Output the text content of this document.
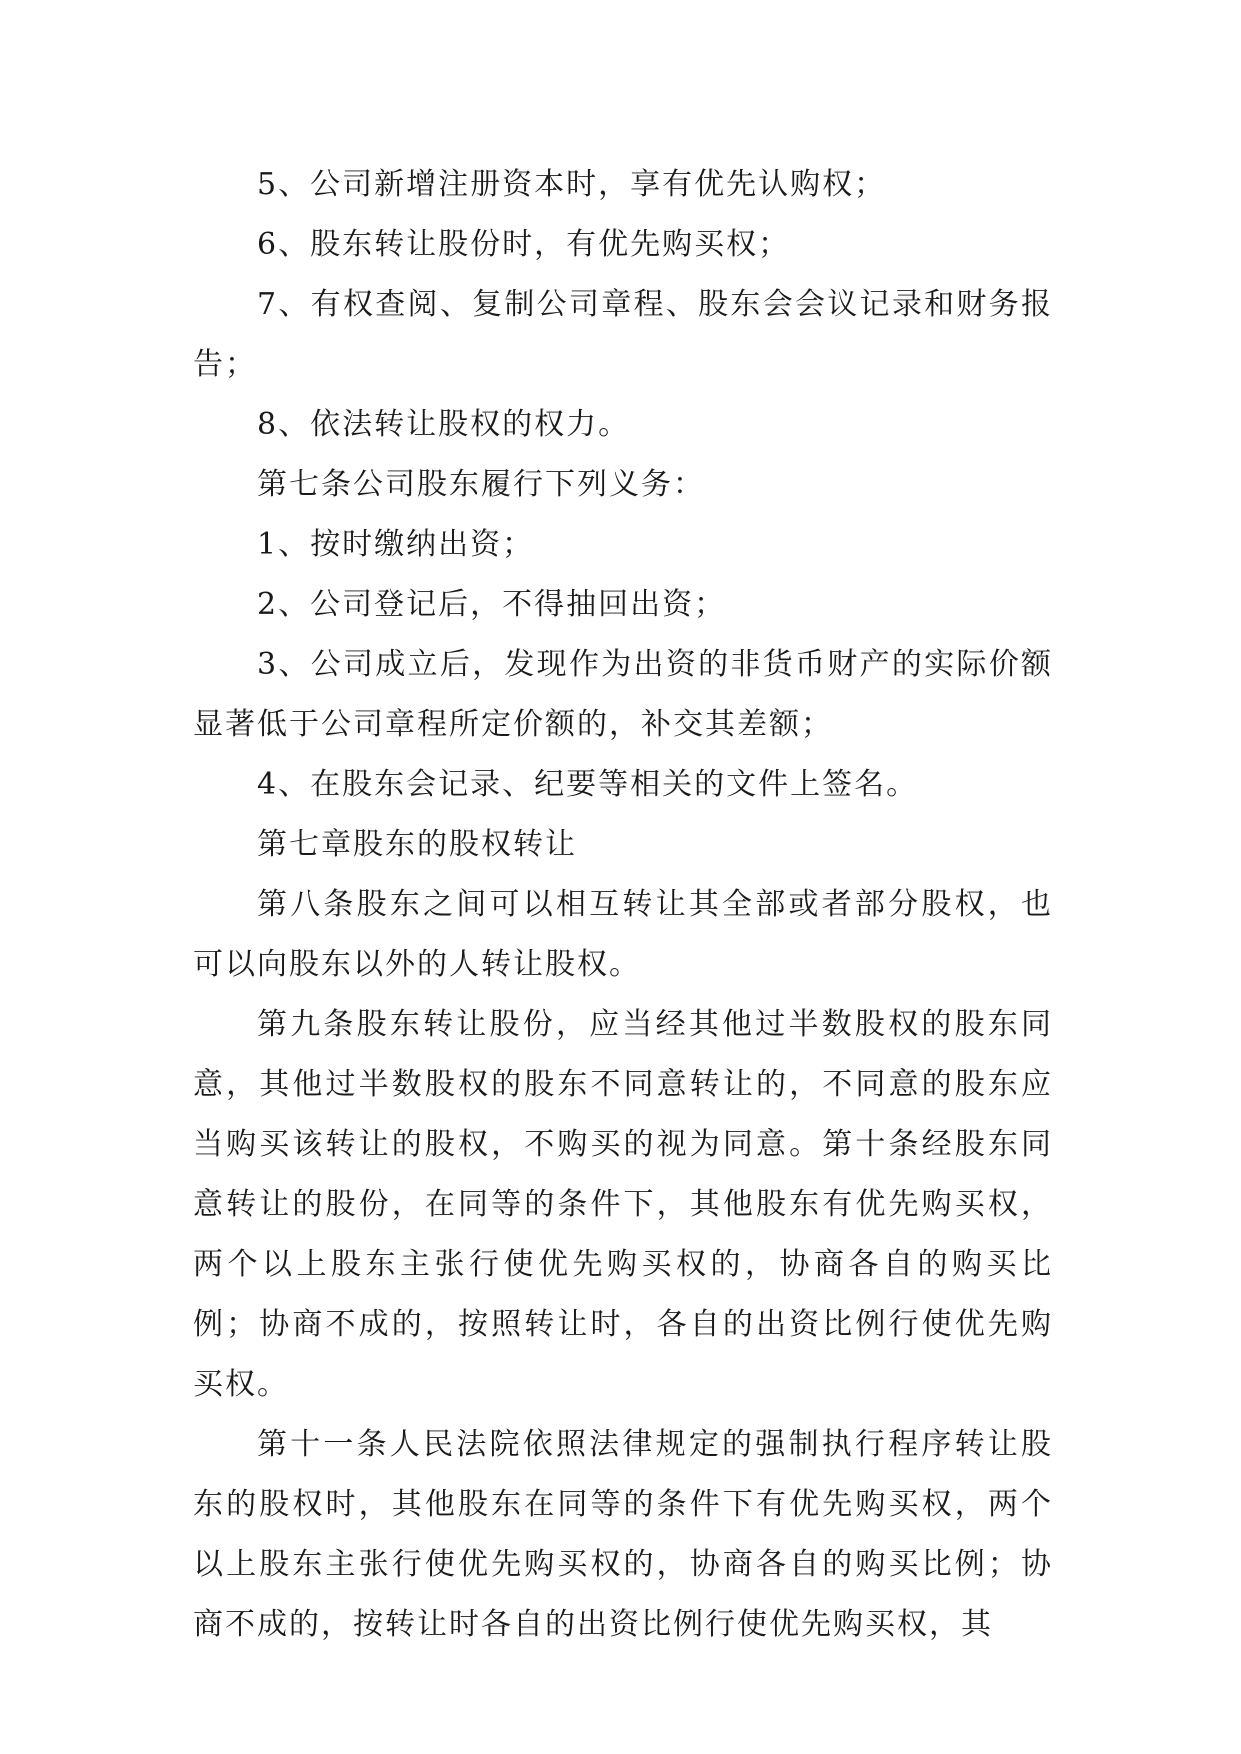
5、公司新增注册资本时，享有优先认购权；

6、股东转让股份时，有优先购买权；

7、有权查阅、复制公司章程、股东会会议记录和财务报告；

8、依法转让股权的权力。

第七条公司股东履行下列义务：

1、按时缴纳出资；

2、公司登记后，不得抽回出资；

3、公司成立后，发现作为出资的非货币财产的实际价额显著低于公司章程所定价额的，补交其差额；

4、在股东会记录、纪要等相关的文件上签名。

第七章股东的股权转让

第八条股东之间可以相互转让其全部或者部分股权，也可以向股东以外的人转让股权。

第九条股东转让股份，应当经其他过半数股权的股东同意，其他过半数股权的股东不同意转让的，不同意的股东应当购买该转让的股权，不购买的视为同意。第十条经股东同意转让的股份，在同等的条件下，其他股东有优先购买权，两个以上股东主张行使优先购买权的，协商各自的购买比例；协商不成的，按照转让时，各自的出资比例行使优先购买权。

第十一条人民法院依照法律规定的强制执行程序转让股东的股权时，其他股东在同等的条件下有优先购买权，两个以上股东主张行使优先购买权的，协商各自的购买比例；协商不成的，按转让时各自的出资比例行使优先购买权，其
